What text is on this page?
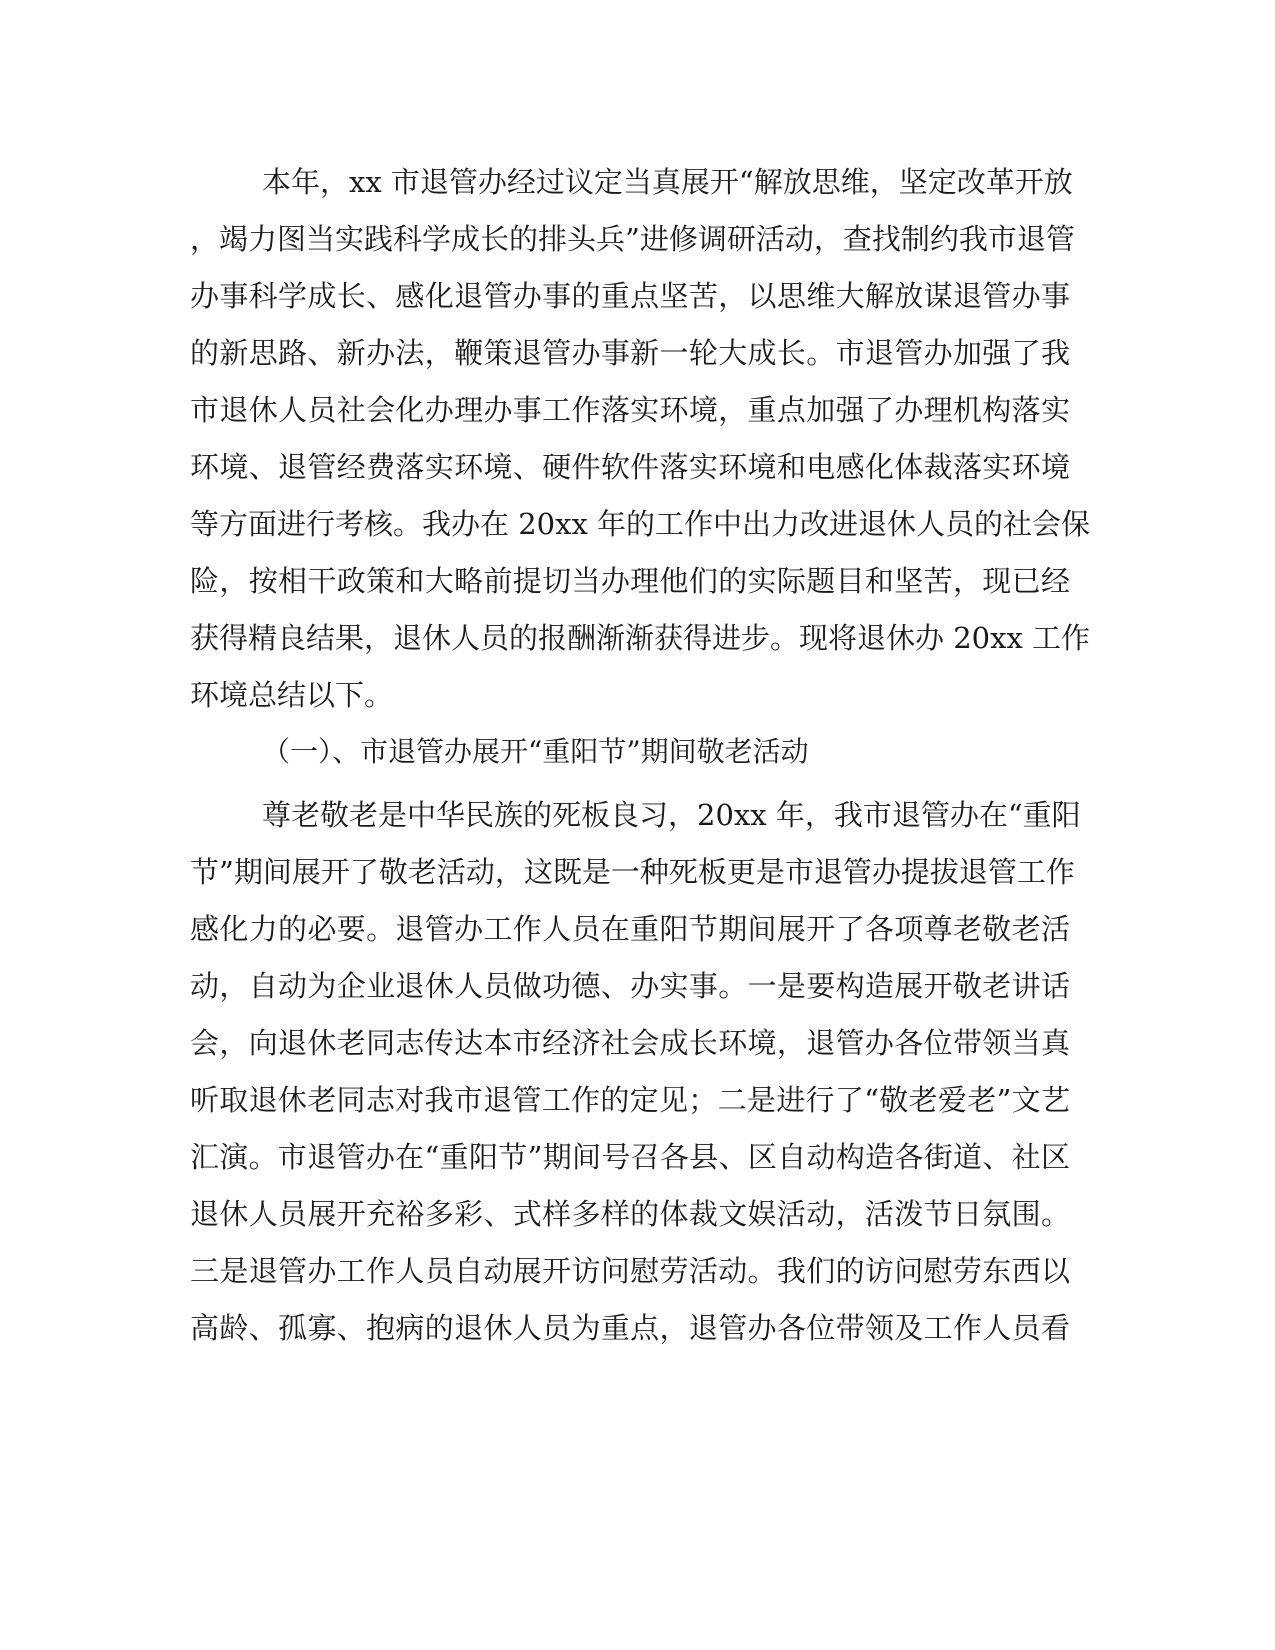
本年，xx 市退管办经过议定当真展开“解放思维，坚定改革开放
，竭力图当实践科学成长的排头兵”进修调研活动，查找制约我市退管
办事科学成长、感化退管办事的重点坚苦，以思维大解放谋退管办事
的新思路、新办法，鞭策退管办事新一轮大成长。市退管办加强了我
市退休人员社会化办理办事工作落实环境，重点加强了办理机构落实
环境、退管经费落实环境、硬件软件落实环境和电感化体裁落实环境
等方面进行考核。我办在 20xx 年的工作中出力改进退休人员的社会保
险，按相干政策和大略前提切当办理他们的实际题目和坚苦，现已经
获得精良结果，退休人员的报酬渐渐获得进步。现将退休办 20xx 工作
环境总结以下。
（一）、市退管办展开“重阳节”期间敬老活动
尊老敬老是中华民族的死板良习，20xx 年，我市退管办在“重阳
节”期间展开了敬老活动，这既是一种死板更是市退管办提拔退管工作
感化力的必要。退管办工作人员在重阳节期间展开了各项尊老敬老活
动，自动为企业退休人员做功德、办实事。一是要构造展开敬老讲话
会，向退休老同志传达本市经济社会成长环境，退管办各位带领当真
听取退休老同志对我市退管工作的定见；二是进行了“敬老爱老”文艺
汇演。市退管办在“重阳节”期间号召各县、区自动构造各街道、社区
退休人员展开充裕多彩、式样多样的体裁文娱活动，活泼节日氛围。
三是退管办工作人员自动展开访问慰劳活动。我们的访问慰劳东西以
高龄、孤寡、抱病的退休人员为重点，退管办各位带领及工作人员看
